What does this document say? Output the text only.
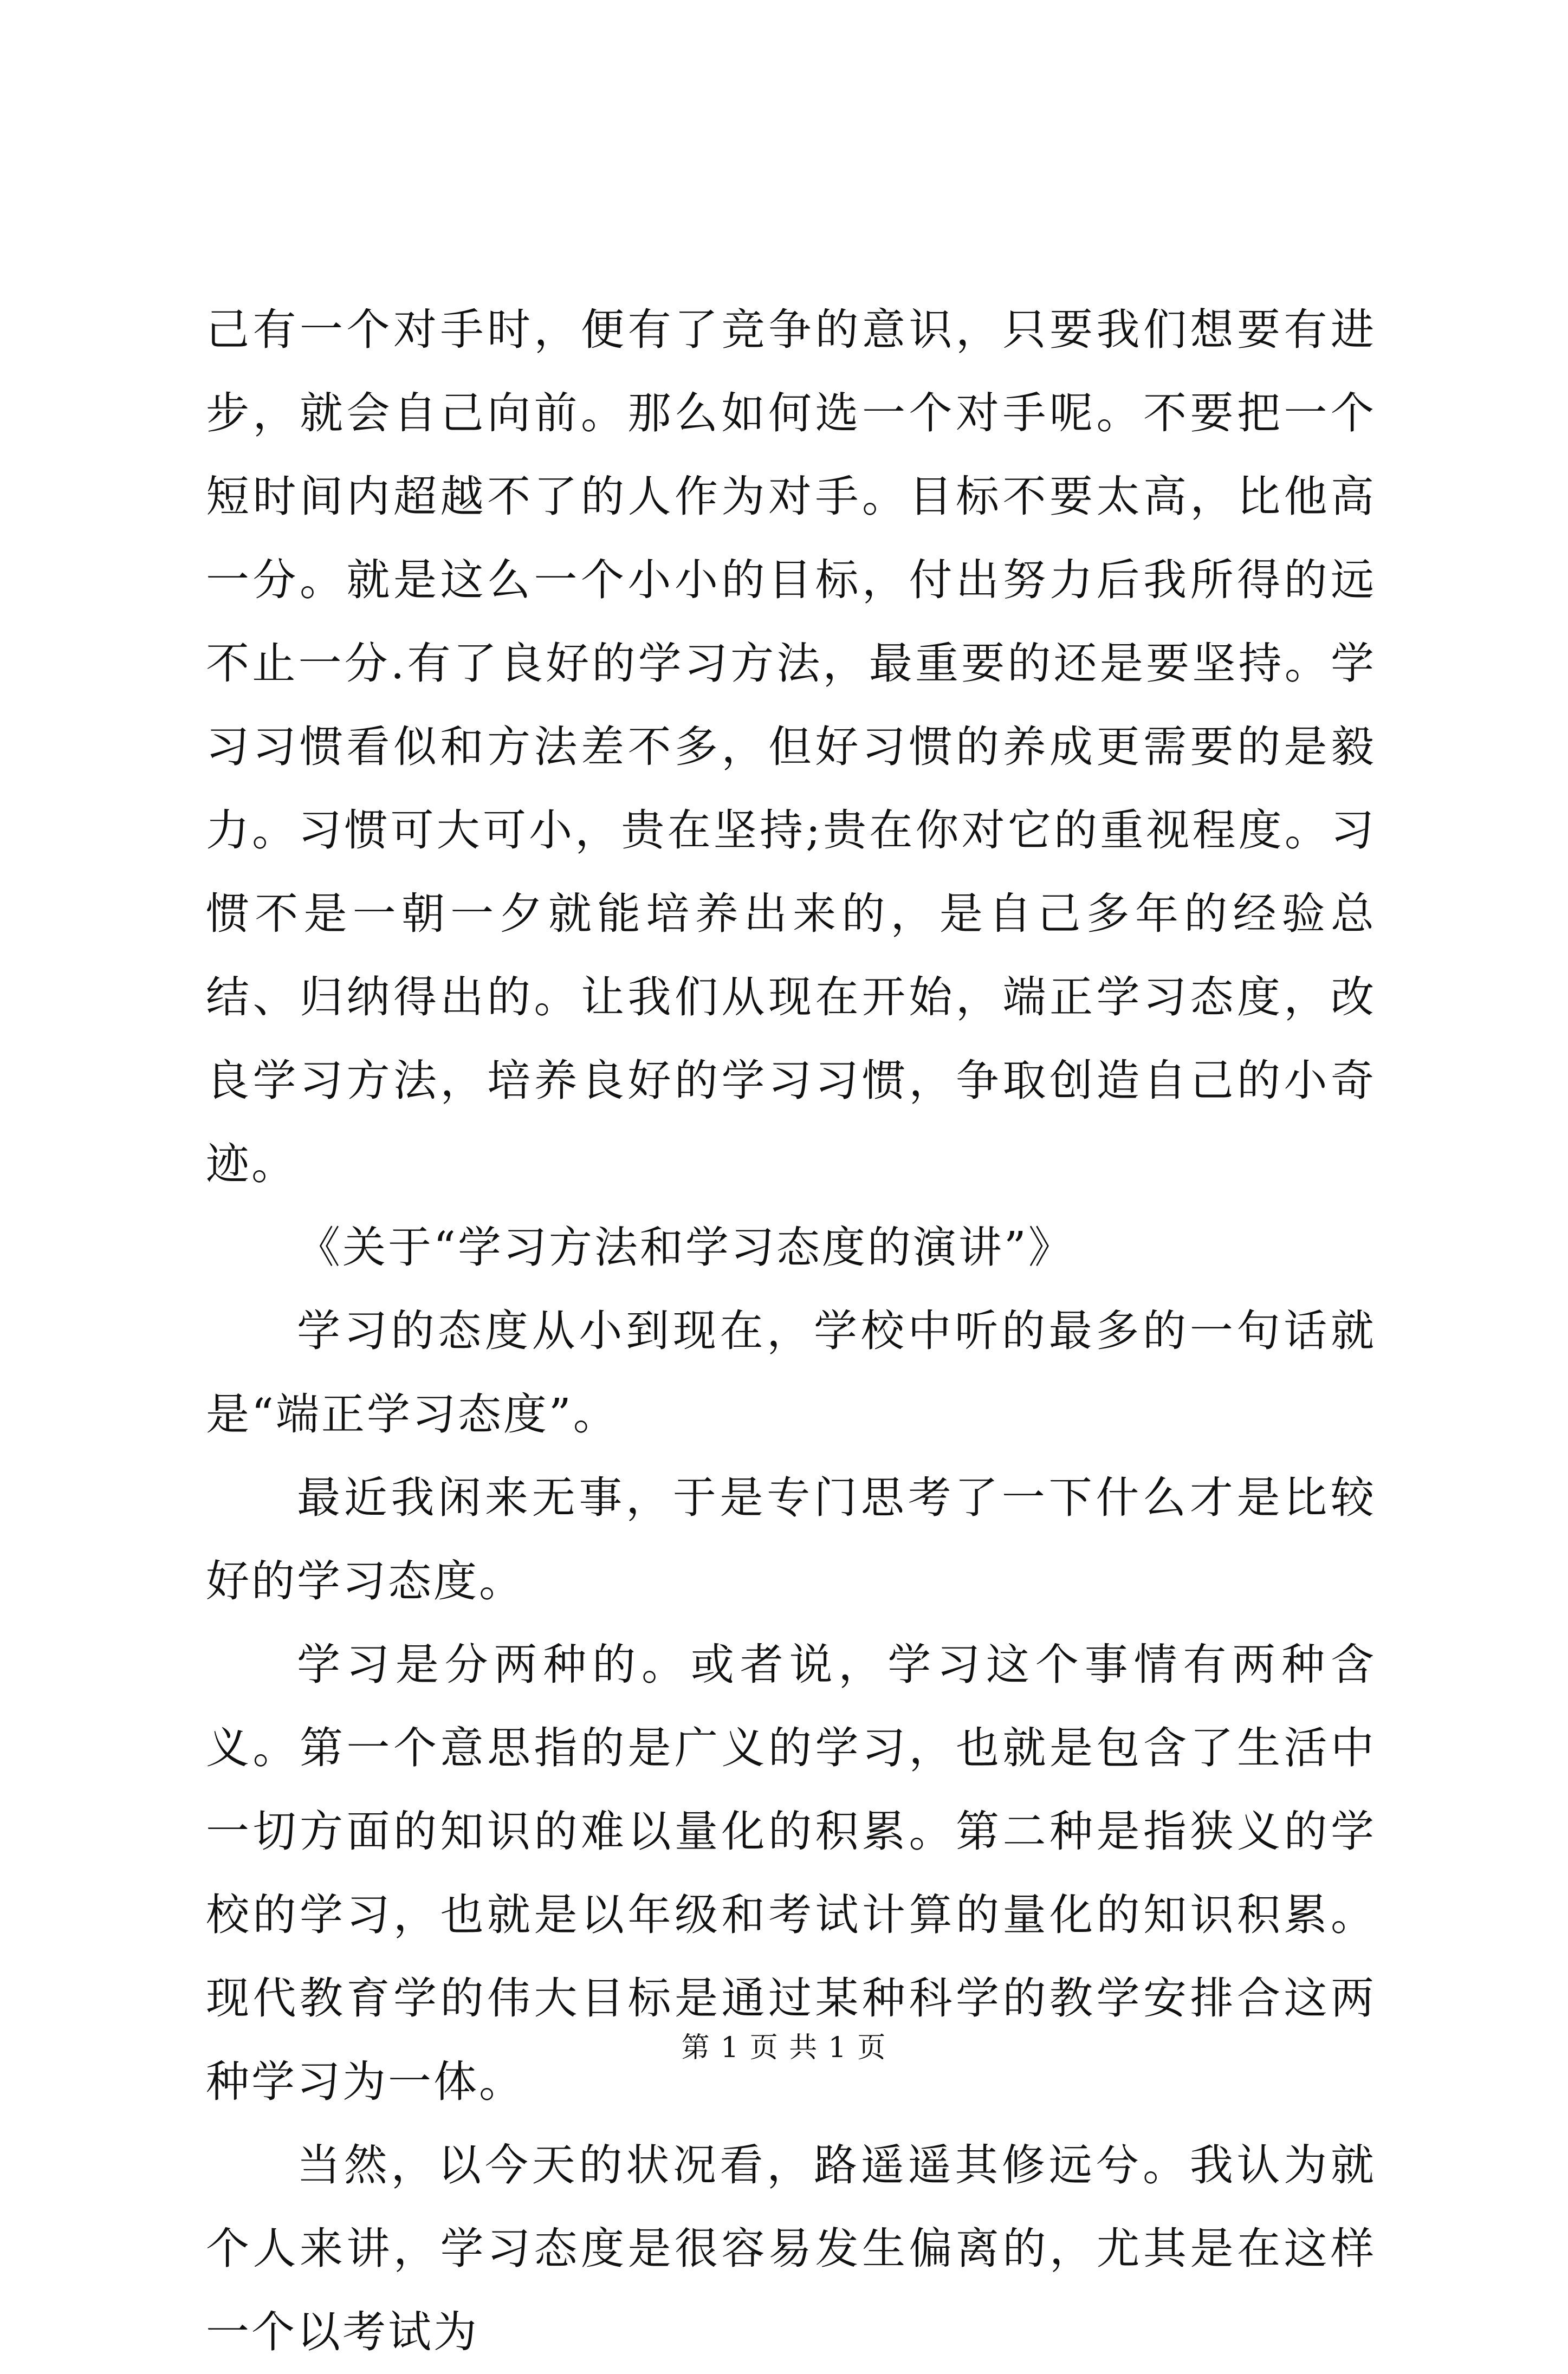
己有一个对手时，便有了竞争的意识，只要我们想要有进步，就会自己向前。那么如何选一个对手呢。不要把一个短时间内超越不了的人作为对手。目标不要太高，比他高一分。就是这么一个小小的目标，付出努力后我所得的远不止一分.有了良好的学习方法，最重要的还是要坚持。学习习惯看似和方法差不多，但好习惯的养成更需要的是毅力。习惯可大可小，贵在坚持;贵在你对它的重视程度。习惯不是一朝一夕就能培养出来的，是自己多年的经验总结、归纳得出的。让我们从现在开始，端正学习态度，改良学习方法，培养良好的学习习惯，争取创造自己的小奇迹。

《关于“学习方法和学习态度的演讲”》

学习的态度从小到现在，学校中听的最多的一句话就是“端正学习态度”。

最近我闲来无事，于是专门思考了一下什么才是比较好的学习态度。

学习是分两种的。或者说，学习这个事情有两种含义。第一个意思指的是广义的学习，也就是包含了生活中一切方面的知识的难以量化的积累。第二种是指狭义的学校的学习，也就是以年级和考试计算的量化的知识积累。现代教育学的伟大目标是通过某种科学的教学安排合这两种学习为一体。

当然，以今天的状况看，路遥遥其修远兮。我认为就个人来讲，学习态度是很容易发生偏离的，尤其是在这样一个以考试为

第 1 页 共 1 页
